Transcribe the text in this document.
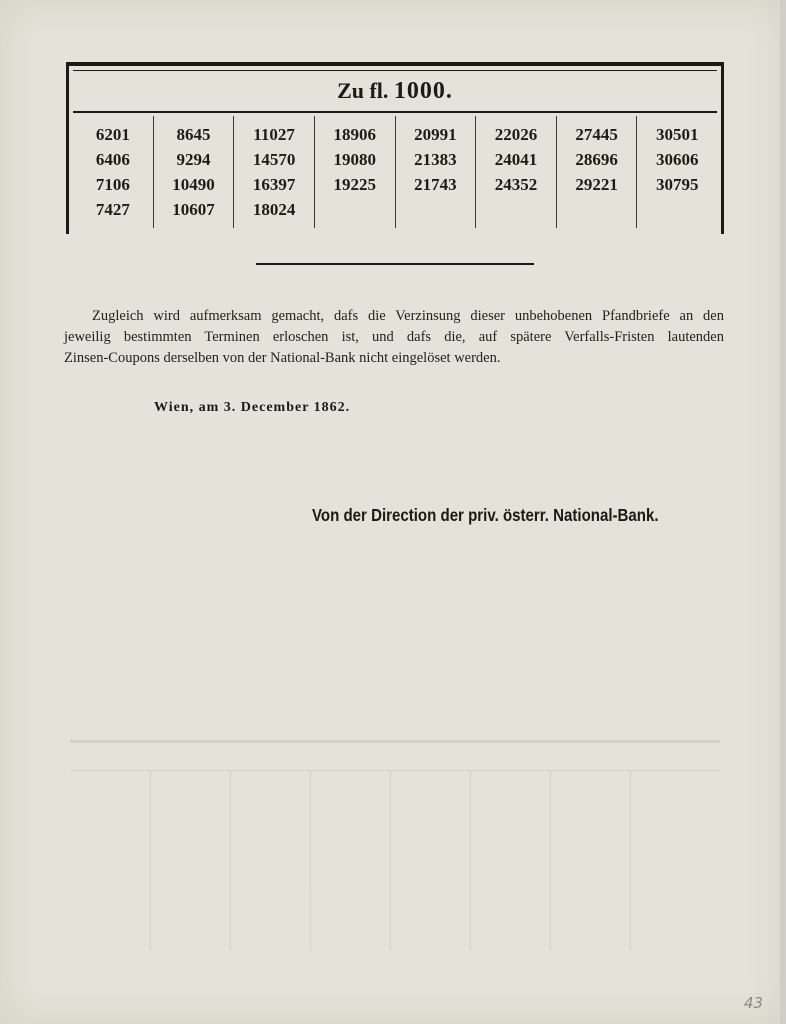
Zu fl. 1000.
6201
6406
7106
7427
8645
9294
10490
10607
11027
14570
16397
18024
18906
19080
19225
20991
21383
21743
22026
24041
24352
27445
28696
29221
30501
30606
30795
Zugleich wird aufmerksam gemacht, dafs die Verzinsung dieser unbehobenen Pfandbriefe an den
jeweilig bestimmten Terminen erloschen ist, und dafs die, auf spätere Verfalls-Fristen lautenden
Zinsen-Coupons derselben von der National-Bank nicht eingelöset werden.
Wien, am 3. December 1862.
Von der Direction der priv. österr. National-Bank.
43
